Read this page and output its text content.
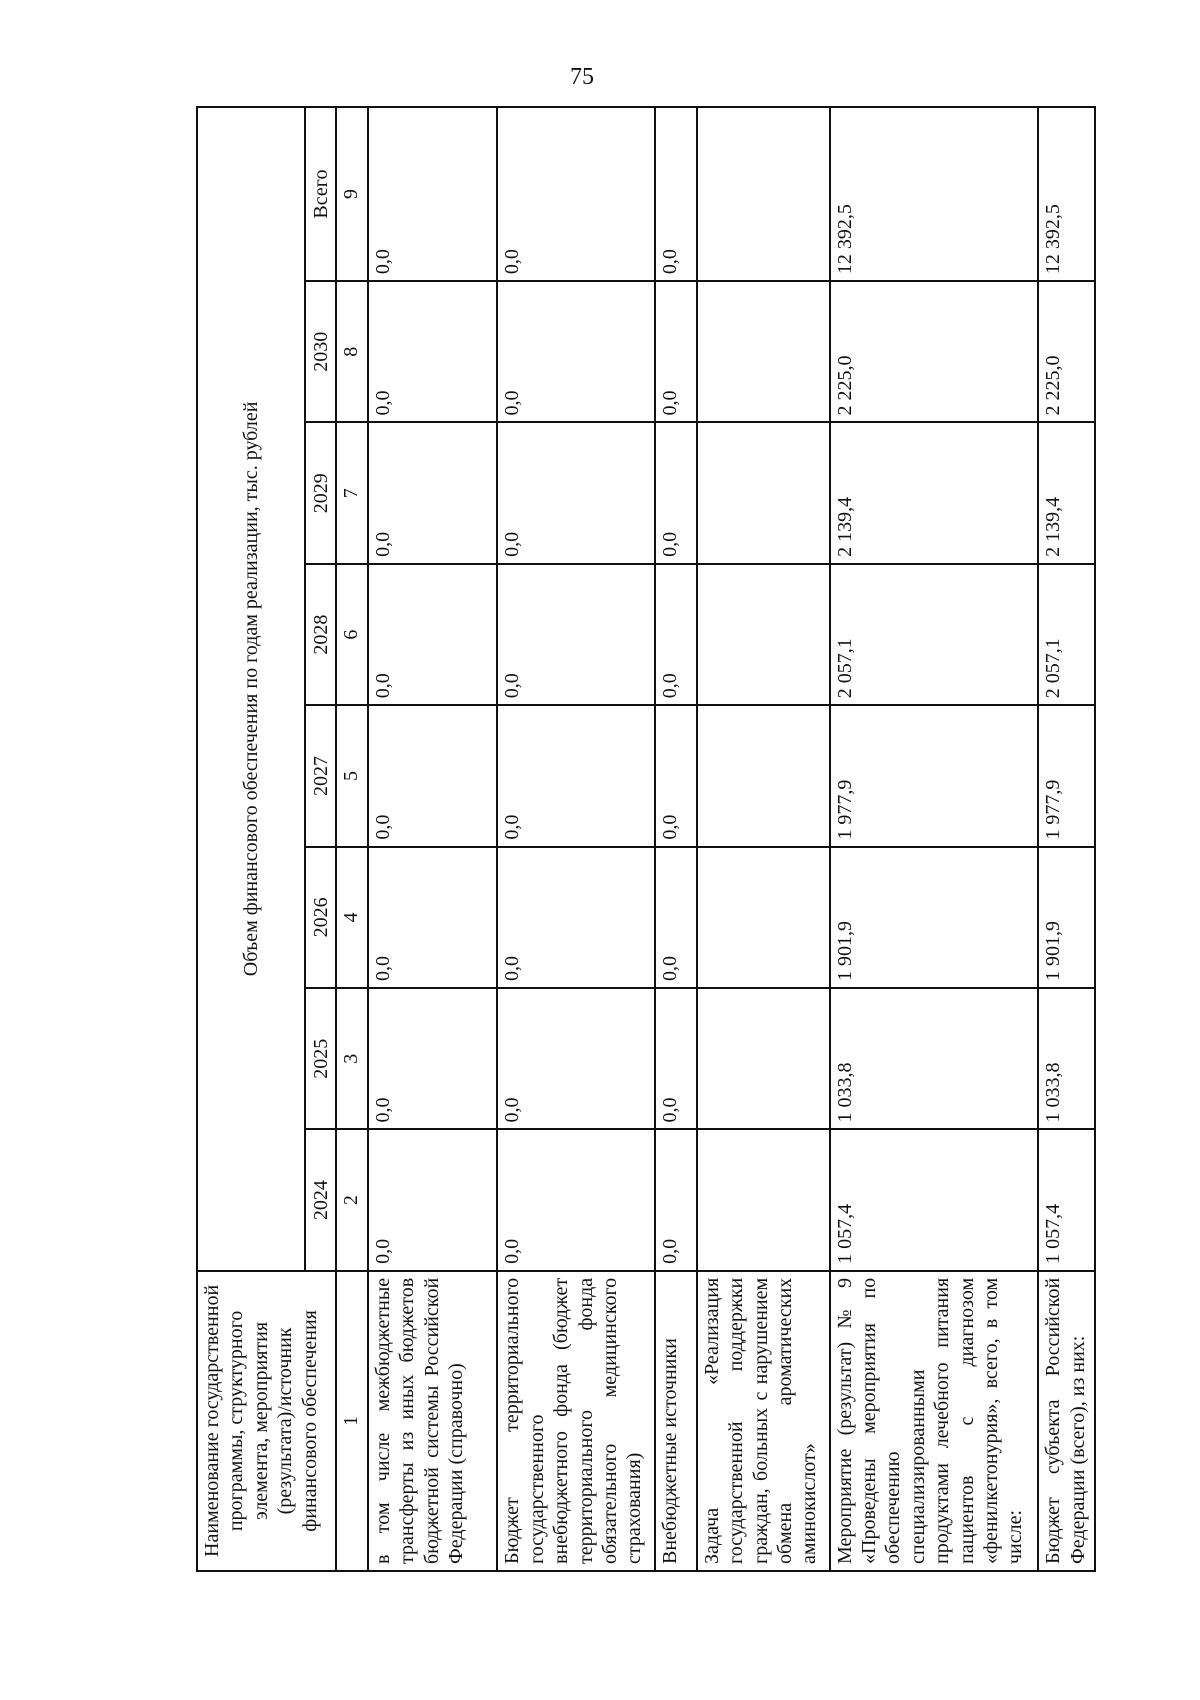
75
Наименование государственной программы, структурного элемента, мероприятия (результата)/источник финансового обеспечения	Объем финансового обеспечения по годам реализации, тыс. рублей							
	2024	2025	2026	2027	2028	2029	2030	Всего
1	2	3	4	5	6	7	8	9
в том числе межбюджетные трансферты из иных бюджетов бюджетной системы Российской Федерации (справочно)	0,0	0,0	0,0	0,0	0,0	0,0	0,0	0,0
Бюджет территориального государственного внебюджетного фонда (бюджет территориального фонда обязательного медицинского страхования)	0,0	0,0	0,0	0,0	0,0	0,0	0,0	0,0
Внебюджетные источники	0,0	0,0	0,0	0,0	0,0	0,0	0,0	0,0
Задача «Реализация государственной поддержки граждан, больных с нарушением обмена ароматических аминокислот»								
Мероприятие (результат) № 9 «Проведены мероприятия по обеспечению специализированными продуктами лечебного питания пациентов с диагнозом «фенилкетонурия», всего, в том числе:	1 057,4	1 033,8	1 901,9	1 977,9	2 057,1	2 139,4	2 225,0	12 392,5
Бюджет субъекта Российской Федерации (всего), из них:	1 057,4	1 033,8	1 901,9	1 977,9	2 057,1	2 139,4	2 225,0	12 392,5
